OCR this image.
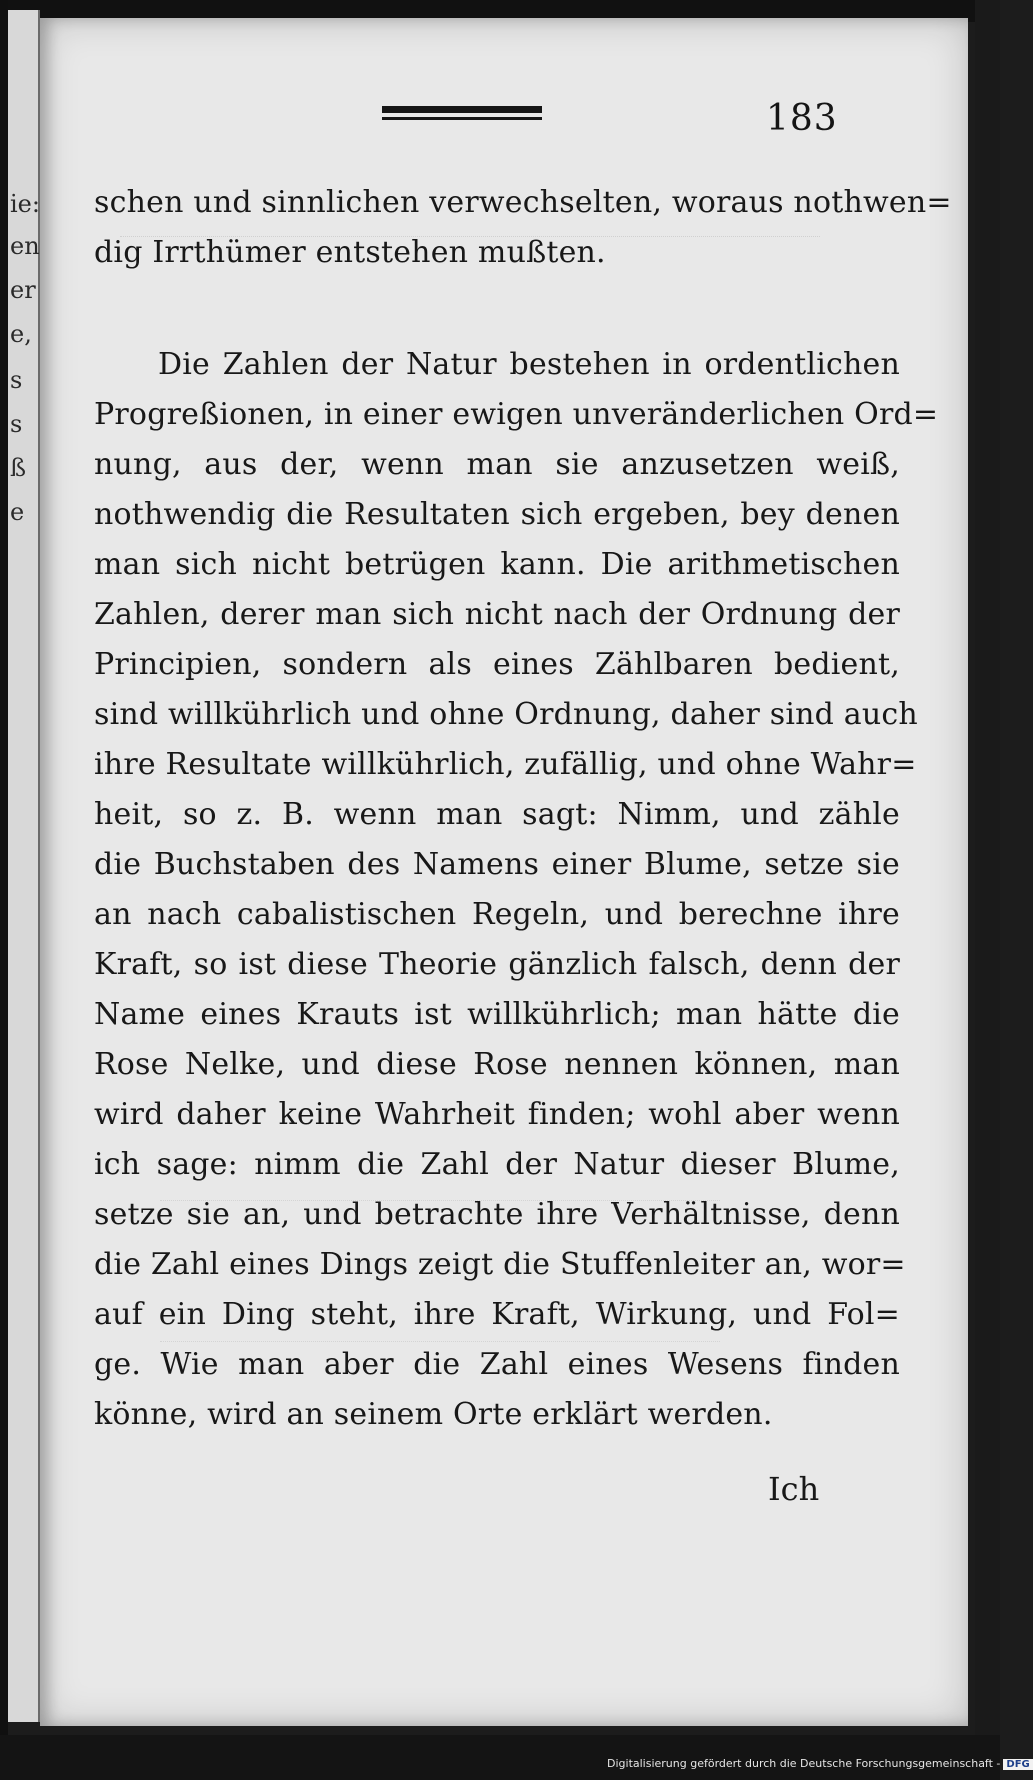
ie:
en
er
e,
s
s
ß
e
183
schen und sinnlichen verwechselten, woraus nothwen=
dig Irrthümer entstehen mußten.
Die Zahlen der Natur bestehen in ordentlichen
Progreßionen, in einer ewigen unveränderlichen Ord=
nung, aus der, wenn man sie anzusetzen weiß,
nothwendig die Resultaten sich ergeben, bey denen
man sich nicht betrügen kann. Die arithmetischen
Zahlen, derer man sich nicht nach der Ordnung der
Principien, sondern als eines Zählbaren bedient,
sind willkührlich und ohne Ordnung, daher sind auch
ihre Resultate willkührlich, zufällig, und ohne Wahr=
heit, so z. B. wenn man sagt: Nimm, und zähle
die Buchstaben des Namens einer Blume, setze sie
an nach cabalistischen Regeln, und berechne ihre
Kraft, so ist diese Theorie gänzlich falsch, denn der
Name eines Krauts ist willkührlich; man hätte die
Rose Nelke, und diese Rose nennen können, man
wird daher keine Wahrheit finden; wohl aber wenn
ich sage: nimm die Zahl der Natur dieser Blume,
setze sie an, und betrachte ihre Verhältnisse, denn
die Zahl eines Dings zeigt die Stuffenleiter an, wor=
auf ein Ding steht, ihre Kraft, Wirkung, und Fol=
ge. Wie man aber die Zahl eines Wesens finden
könne, wird an seinem Orte erklärt werden.
Ich
Digitalisierung gefördert durch die Deutsche Forschungsgemeinschaft - DFG
